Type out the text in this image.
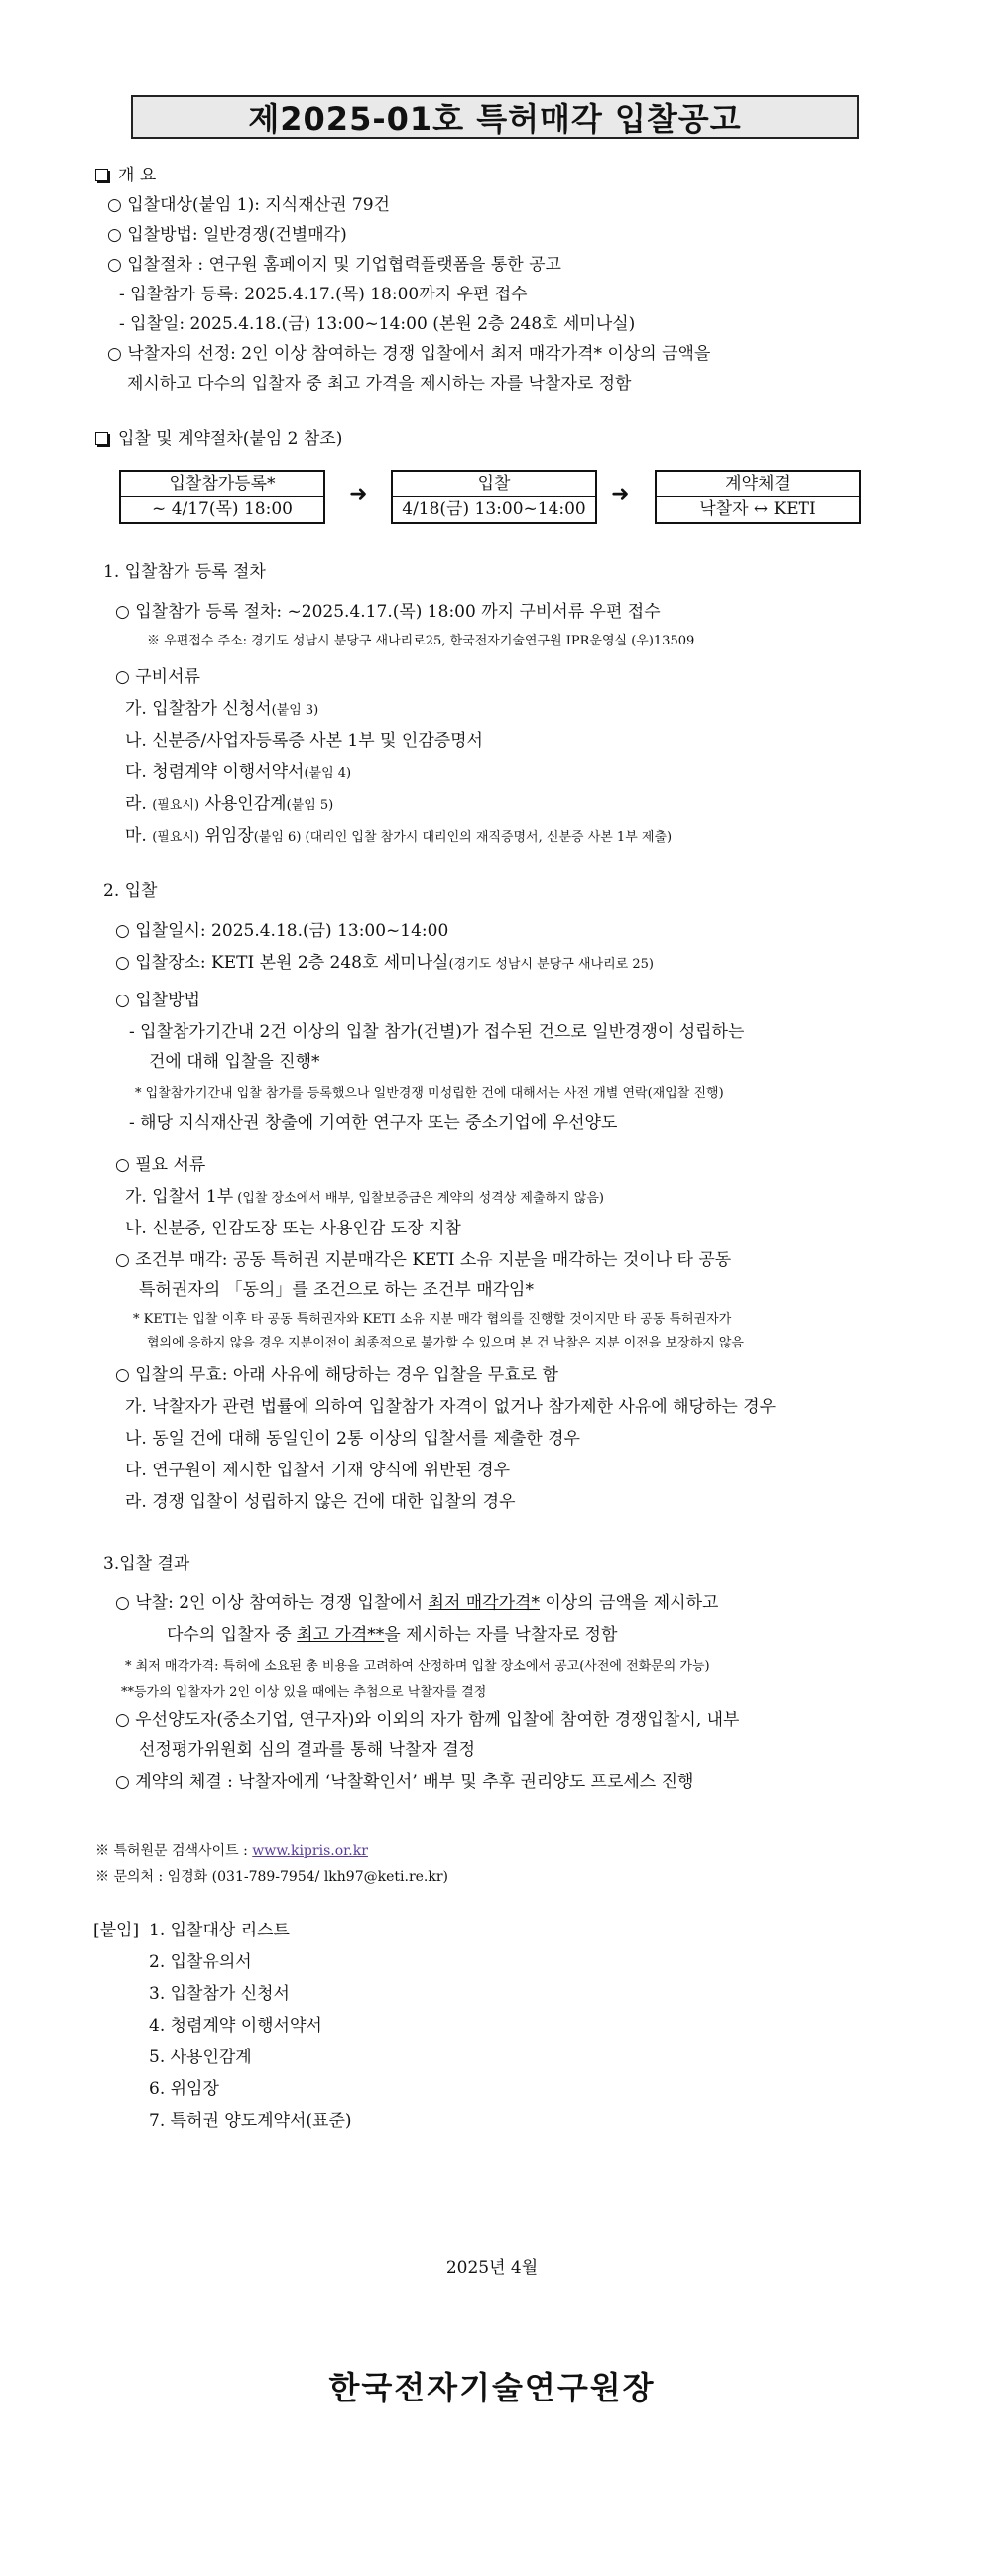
제2025-01호 특허매각 입찰공고
개 요
○ 입찰대상(붙임 1): 지식재산권 79건
○ 입찰방법: 일반경쟁(건별매각)
○ 입찰절차 : 연구원 홈페이지 및 기업협력플랫폼을 통한 공고
- 입찰참가 등록: 2025.4.17.(목) 18:00까지 우편 접수
- 입찰일: 2025.4.18.(금) 13:00~14:00 (본원 2층 248호 세미나실)
○ 낙찰자의 선정: 2인 이상 참여하는 경쟁 입찰에서 최저 매각가격* 이상의 금액을
제시하고 다수의 입찰자 중 최고 가격을 제시하는 자를 낙찰자로 정함
입찰 및 계약절차(붙임 2 참조)
입찰참가등록*
~ 4/17(목) 18:00
➜	입찰
4/18(금) 13:00~14:00
➜	계약체결
낙찰자 ↔ KETI
1. 입찰참가 등록 절차
○ 입찰참가 등록 절차: ~2025.4.17.(목) 18:00 까지 구비서류 우편 접수
※ 우편접수 주소: 경기도 성남시 분당구 새나리로25, 한국전자기술연구원 IPR운영실 (우)13509
○ 구비서류
가. 입찰참가 신청서(붙임 3)
나. 신분증/사업자등록증 사본 1부 및 인감증명서
다. 청렴계약 이행서약서(붙임 4)
라. (필요시) 사용인감계(붙임 5)
마. (필요시) 위임장(붙임 6) (대리인 입찰 참가시 대리인의 재직증명서, 신분증 사본 1부 제출)
2. 입찰
○ 입찰일시: 2025.4.18.(금) 13:00~14:00
○ 입찰장소: KETI 본원 2층 248호 세미나실(경기도 성남시 분당구 새나리로 25)
○ 입찰방법
- 입찰참가기간내 2건 이상의 입찰 참가(건별)가 접수된 건으로 일반경쟁이 성립하는
건에 대해 입찰을 진행*
* 입찰참가기간내 입찰 참가를 등록했으나 일반경쟁 미성립한 건에 대해서는 사전 개별 연락(재입찰 진행)
- 해당 지식재산권 창출에 기여한 연구자 또는 중소기업에 우선양도
○ 필요 서류
가. 입찰서 1부 (입찰 장소에서 배부, 입찰보증금은 계약의 성격상 제출하지 않음)
나. 신분증, 인감도장 또는 사용인감 도장 지참
○ 조건부 매각: 공동 특허권 지분매각은 KETI 소유 지분을 매각하는 것이나 타 공동
특허권자의 「동의」를 조건으로 하는 조건부 매각임*
* KETI는 입찰 이후 타 공동 특허권자와 KETI 소유 지분 매각 협의를 진행할 것이지만 타 공동 특허권자가
협의에 응하지 않을 경우 지분이전이 최종적으로 불가할 수 있으며 본 건 낙찰은 지분 이전을 보장하지 않음
○ 입찰의 무효: 아래 사유에 해당하는 경우 입찰을 무효로 함
가. 낙찰자가 관련 법률에 의하여 입찰참가 자격이 없거나 참가제한 사유에 해당하는 경우
나. 동일 건에 대해 동일인이 2통 이상의 입찰서를 제출한 경우
다. 연구원이 제시한 입찰서 기재 양식에 위반된 경우
라. 경쟁 입찰이 성립하지 않은 건에 대한 입찰의 경우
3.입찰 결과
○ 낙찰: 2인 이상 참여하는 경쟁 입찰에서 최저 매각가격* 이상의 금액을 제시하고
다수의 입찰자 중 최고 가격**을 제시하는 자를 낙찰자로 정함
* 최저 매각가격: 특허에 소요된 총 비용을 고려하여 산정하며 입찰 장소에서 공고(사전에 전화문의 가능)
**등가의 입찰자가 2인 이상 있을 때에는 추첨으로 낙찰자를 결정
○ 우선양도자(중소기업, 연구자)와 이외의 자가 함께 입찰에 참여한 경쟁입찰시, 내부
선정평가위원회 심의 결과를 통해 낙찰자 결정
○ 계약의 체결 : 낙찰자에게 ‘낙찰확인서’ 배부 및 추후 권리양도 프로세스 진행
※ 특허원문 검색사이트 : www.kipris.or.kr
※ 문의처 : 임경화 (031-789-7954/ lkh97@keti.re.kr)
[붙임] 1. 입찰대상 리스트
2. 입찰유의서
3. 입찰참가 신청서
4. 청렴계약 이행서약서
5. 사용인감계
6. 위임장
7. 특허권 양도계약서(표준)
2025년 4월
한국전자기술연구원장
